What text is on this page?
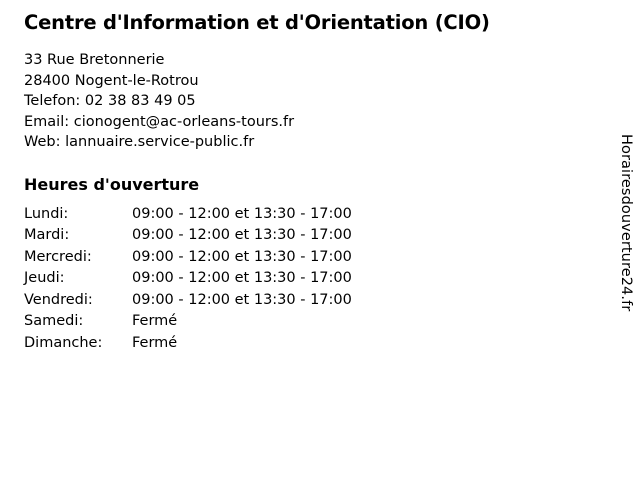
Centre d'Information et d'Orientation (CIO)
33 Rue Bretonnerie
28400 Nogent-le-Rotrou
Telefon: 02 38 83 49 05
Email: cionogent@ac-orleans-tours.fr
Web: lannuaire.service-public.fr
Heures d'ouverture
Lundi:	09:00 - 12:00 et 13:30 - 17:00
Mardi:	09:00 - 12:00 et 13:30 - 17:00
Mercredi:	09:00 - 12:00 et 13:30 - 17:00
Jeudi:	09:00 - 12:00 et 13:30 - 17:00
Vendredi:	09:00 - 12:00 et 13:30 - 17:00
Samedi:	Fermé
Dimanche:	Fermé
Horairesdouverture24.fr
